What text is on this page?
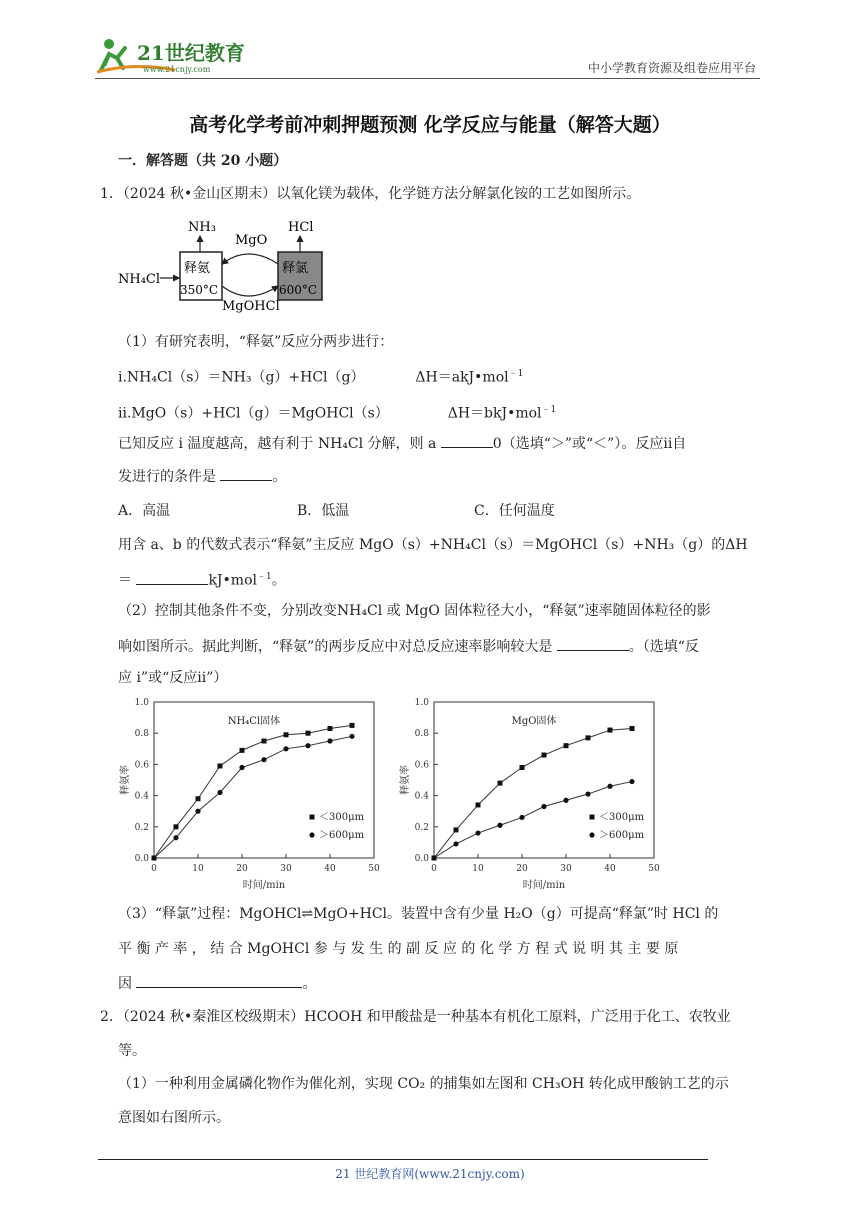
21世纪教育
www.21cnjy.com	中小学教育资源及组卷应用平台
高考化学考前冲刺押题预测 化学反应与能量（解答大题）
一．解答题（共 20 小题）
1．（2024 秋•金山区期末）以氧化镁为载体，化学链方法分解氯化铵的工艺如图所示。
NH₃	HCl
MgO
释氨
350°C
释氯
600°C
MgOHCl
NH₄Cl
（1）有研究表明，“释氨”反应分两步进行：
i.NH₄Cl（s）＝NH₃（g）+HCl（g）	ΔH＝akJ•mol$^{﹣1}$
ⅱ.MgO（s）+HCl（g）＝MgOHCl（s）	ΔH＝bkJ•mol$^{﹣1}$
已知反应 i 温度越高，越有利于 NH₄Cl 分解，则 a	0（选填“＞”或“＜”）。反应ⅱ自
发进行的条件是	。
A．高温	B．低温	C．任何温度
用含 a、b 的代数式表示“释氨”主反应 MgO（s）+NH₄Cl（s）＝MgOHCl（s）+NH₃（g）的ΔH
＝	kJ•mol$^{﹣1}$。
（2）控制其他条件不变，分别改变NH₄Cl 或 MgO 固体粒径大小，“释氨”速率随固体粒径的影
响如图所示。据此判断，“释氨”的两步反应中对总反应速率影响较大是	。（选填“反
应 i”或“反应ⅱ”）
0.0
0.2
0.4
0.6
0.8
1.0
0	10	20	30	40	50
时间/min
释氨率
NH₄Cl固体
＜300μm
＞600μm
0.0
0.2
0.4
0.6
0.8
1.0
0	10	20	30	40	50
时间/min
释氨率
MgO固体
＜300μm
＞600μm
（3）“释氯”过程：MgOHCl⇌MgO+HCl。装置中含有少量 H₂O（g）可提高“释氯”时 HCl 的
平 衡 产 率 ， 结 合 MgOHCl 参 与 发 生 的 副 反 应 的 化 学 方 程 式 说 明 其 主 要 原
因	。
2．（2024 秋•秦淮区校级期末）HCOOH 和甲酸盐是一种基本有机化工原料，广泛用于化工、农牧业
等。
（1）一种利用金属磷化物作为催化剂，实现 CO₂ 的捕集如左图和 CH₃OH 转化成甲酸钠工艺的示
意图如右图所示。
21 世纪教育网(www.21cnjy.com)
